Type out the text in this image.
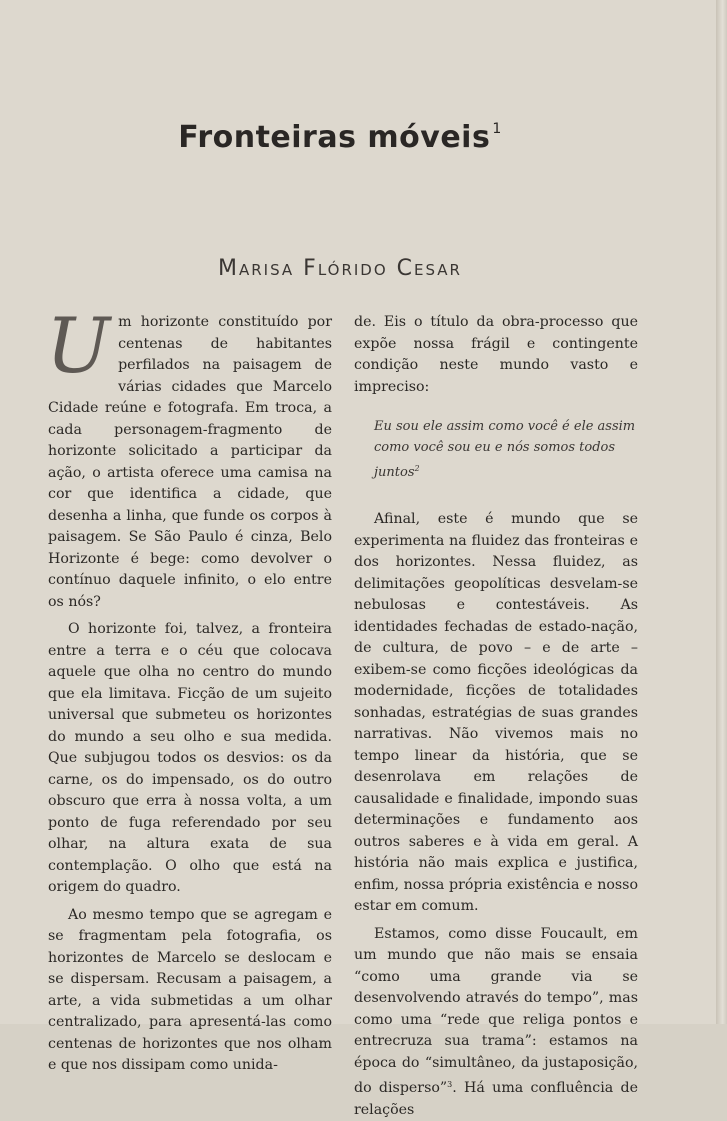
Fronteiras móveis $^1$
Marisa Flórido Cesar

Um horizonte constituído por centenas de habitantes perfilados na paisagem de várias cidades que Marcelo Cidade reúne e fotografa. Em troca, a cada personagem-fragmento de horizonte solicitado a participar da ação, o artista oferece uma camisa na cor que identifica a cidade, que desenha a linha, que funde os corpos à paisagem. Se São Paulo é cinza, Belo Horizonte é bege: como devolver o contínuo daquele infinito, o elo entre os nós?

O horizonte foi, talvez, a fronteira entre a terra e o céu que colocava aquele que olha no centro do mundo que ela limitava. Ficção de um sujeito universal que submeteu os horizontes do mundo a seu olho e sua medida. Que subjugou todos os desvios: os da carne, os do impensado, os do outro obscuro que erra à nossa volta, a um ponto de fuga referendado por seu olhar, na altura exata de sua contemplação. O olho que está na origem do quadro.

Ao mesmo tempo que se agregam e se fragmentam pela fotografia, os horizontes de Marcelo se deslocam e se dispersam. Recusam a paisagem, a arte, a vida submetidas a um olhar centralizado, para apresentá-las como centenas de horizontes que nos olham e que nos dissipam como unida-

de. Eis o título da obra-processo que expõe nossa frágil e contingente condição neste mundo vasto e impreciso:

Eu sou ele assim como você é ele assim como você sou eu e nós somos todos juntos$^2$

Afinal, este é mundo que se experimenta na fluidez das fronteiras e dos horizontes. Nessa fluidez, as delimitações geopolíticas desvelam-se nebulosas e contestáveis. As identidades fechadas de estado-nação, de cultura, de povo – e de arte – exibem-se como ficções ideológicas da modernidade, ficções de totalidades sonhadas, estratégias de suas grandes narrativas. Não vivemos mais no tempo linear da história, que se desenrolava em relações de causalidade e finalidade, impondo suas determinações e fundamento aos outros saberes e à vida em geral. A história não mais explica e justifica, enfim, nossa própria existência e nosso estar em comum.

Estamos, como disse Foucault, em um mundo que não mais se ensaia “como uma grande via se desenvolvendo através do tempo”, mas como uma “rede que religa pontos e entrecruza sua trama”: estamos na época do “simultâneo, da justaposição, do disperso”$^3$. Há uma confluência de relações
